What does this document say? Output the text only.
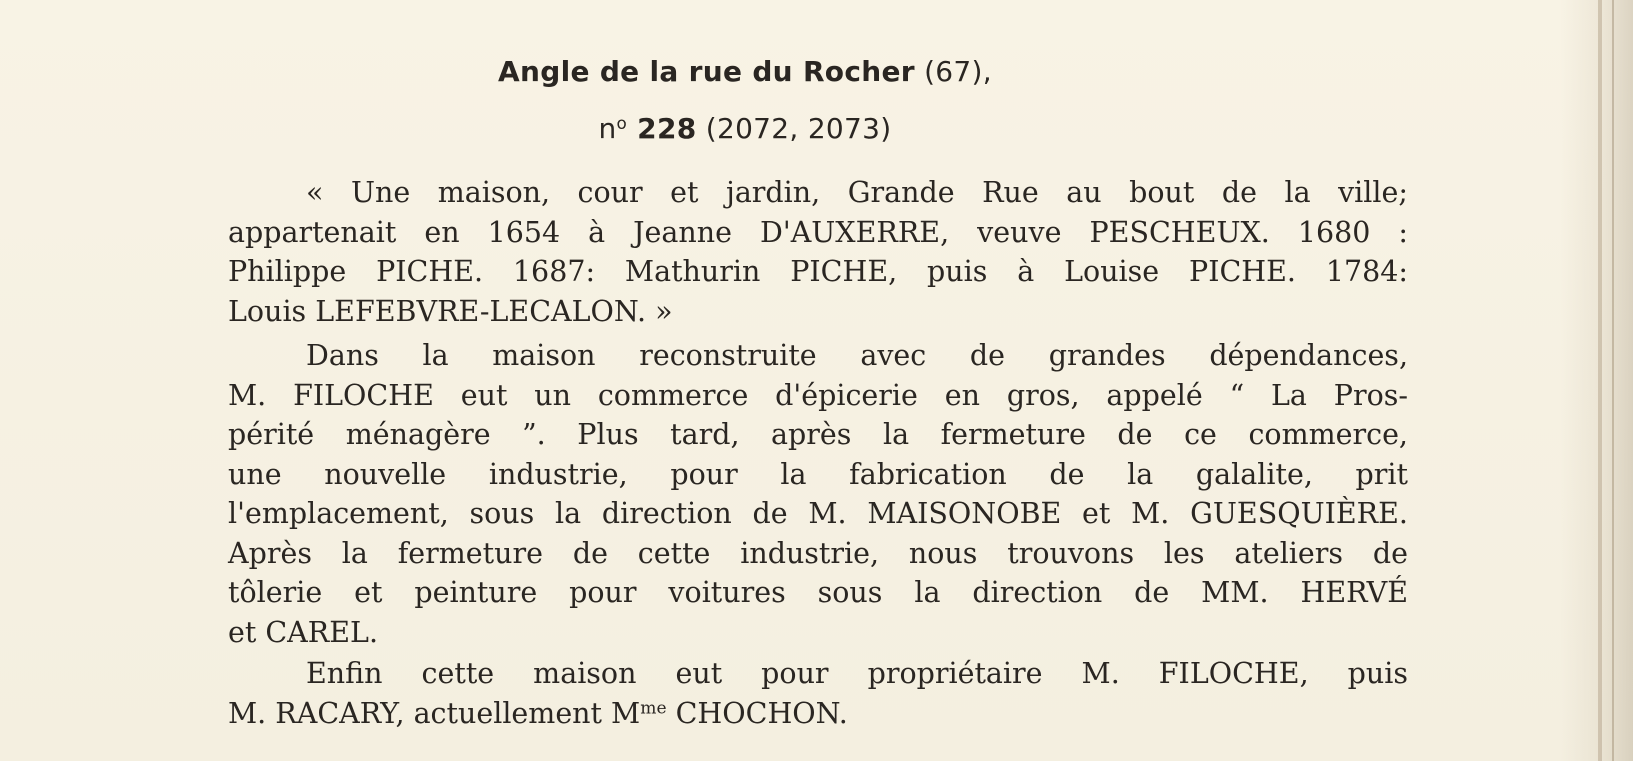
Angle de la rue du Rocher (67),
$n^o$ 228 (2072, 2073)
« Une maison, cour et jardin, Grande Rue au bout de la ville;
appartenait en 1654 à Jeanne D'AUXERRE, veuve PESCHEUX. 1680 :
Philippe PICHE. 1687: Mathurin PICHE, puis à Louise PICHE. 1784:
Louis LEFEBVRE-LECALON. »
Dans la maison reconstruite avec de grandes dépendances,
M. FILOCHE eut un commerce d'épicerie en gros, appelé “ La Pros-
périté ménagère ”. Plus tard, après la fermeture de ce commerce,
une nouvelle industrie, pour la fabrication de la galalite, prit
l'emplacement, sous la direction de M. MAISONOBE et M. GUESQUIÈRE.
Après la fermeture de cette industrie, nous trouvons les ateliers de
tôlerie et peinture pour voitures sous la direction de MM. HERVÉ
et CAREL.
Enfin cette maison eut pour propriétaire M. FILOCHE, puis
M. RACARY, actuellement $M^{me}$ CHOCHON.
